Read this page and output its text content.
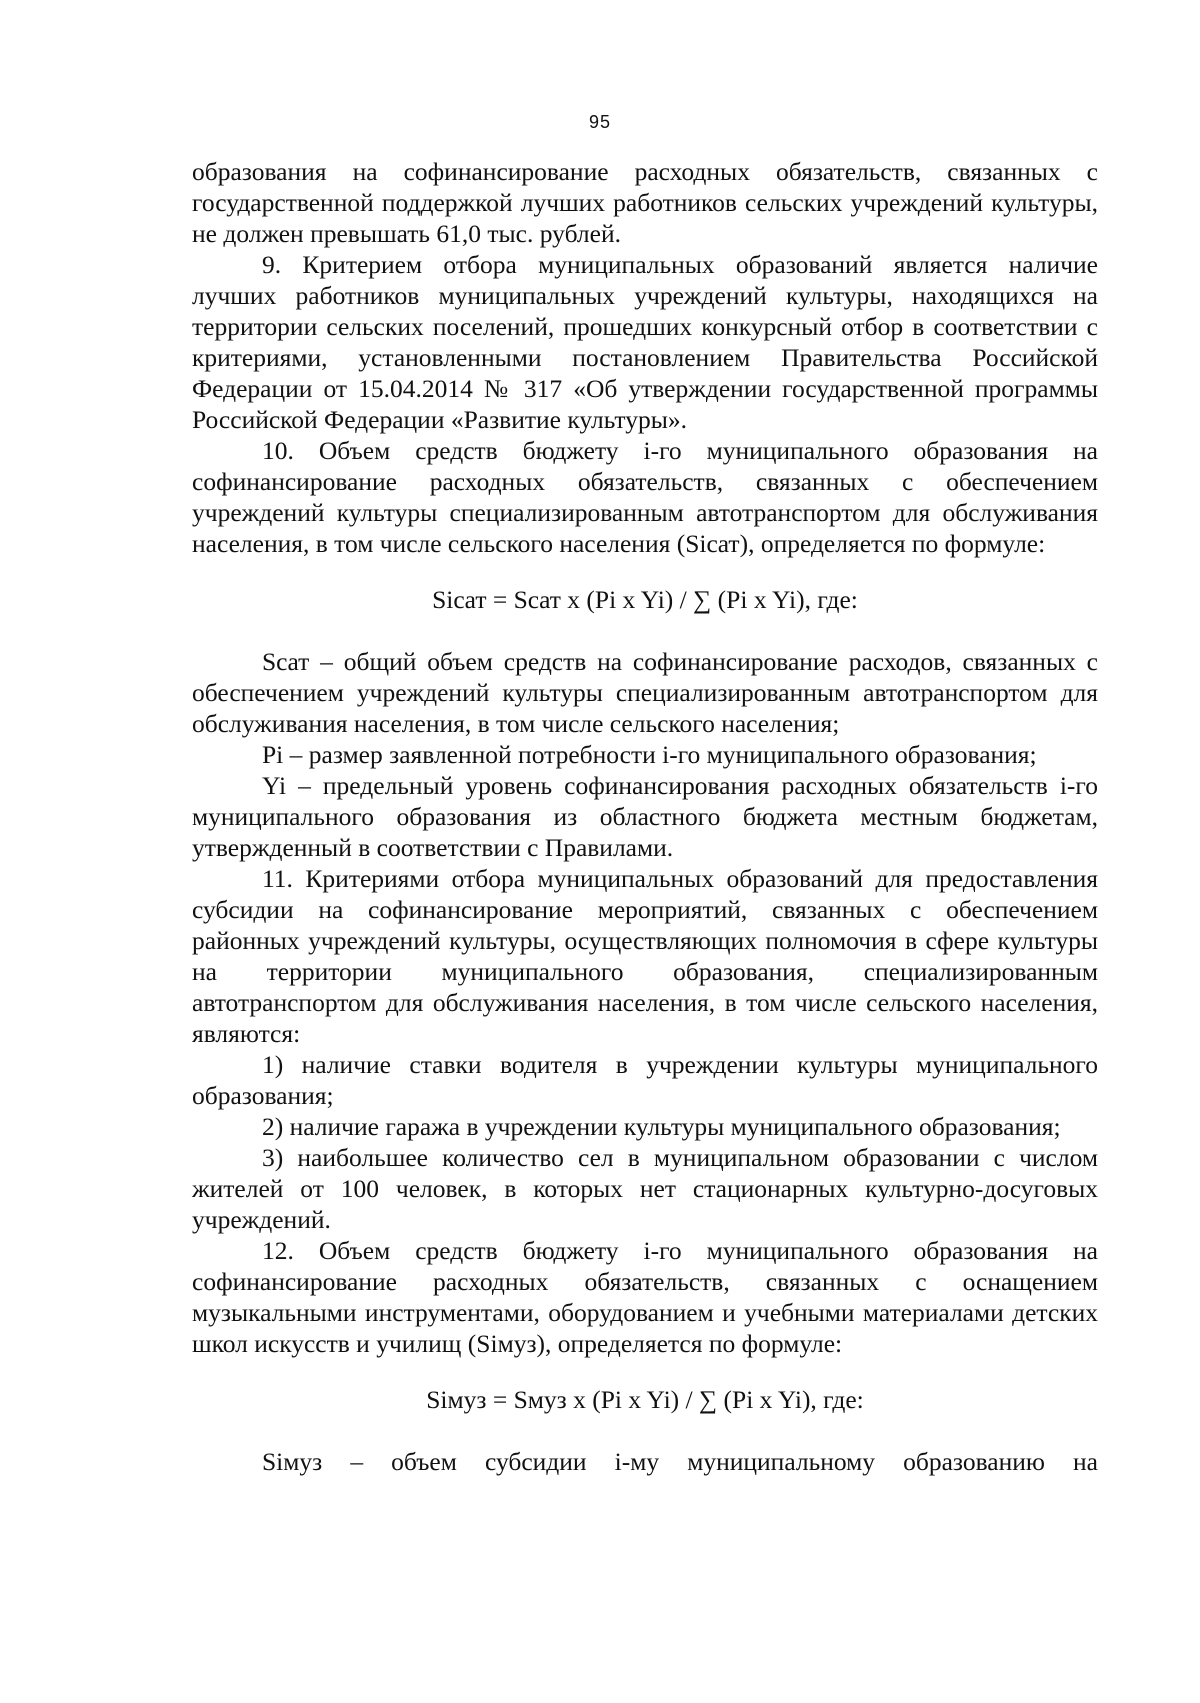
95

образования на софинансирование расходных обязательств, связанных с государственной поддержкой лучших работников сельских учреждений культуры, не должен превышать 61,0 тыс. рублей.

9. Критерием отбора муниципальных образований является наличие лучших работников муниципальных учреждений культуры, находящихся на территории сельских поселений, прошедших конкурсный отбор в соответствии с критериями, установленными постановлением Правительства Российской Федерации от 15.04.2014 № 317 «Об утверждении государственной программы Российской Федерации «Развитие культуры».

10. Объем средств бюджету i-го муниципального образования на софинансирование расходных обязательств, связанных с обеспечением учреждений культуры специализированным автотранспортом для обслуживания населения, в том числе сельского населения (Sicат), определяется по формуле:

Sicат = Scат x (Pi x Yi) / ∑ (Pi x Yi), где:

Scат – общий объем средств на софинансирование расходов, связанных с обеспечением учреждений культуры специализированным автотранспортом для обслуживания населения, в том числе сельского населения;

Pi – размер заявленной потребности i-го муниципального образования;

Yi – предельный уровень софинансирования расходных обязательств i-го муниципального образования из областного бюджета местным бюджетам, утвержденный в соответствии с Правилами.

11. Критериями отбора муниципальных образований для предоставления субсидии на софинансирование мероприятий, связанных с обеспечением районных учреждений культуры, осуществляющих полномочия в сфере культуры на территории муниципального образования, специализированным автотранспортом для обслуживания населения, в том числе сельского населения, являются:

1) наличие ставки водителя в учреждении культуры муниципального образования;

2) наличие гаража в учреждении культуры муниципального образования;

3) наибольшее количество сел в муниципальном образовании с числом жителей от 100 человек, в которых нет стационарных культурно-досуговых учреждений.

12. Объем средств бюджету i-го муниципального образования на софинансирование расходных обязательств, связанных с оснащением музыкальными инструментами, оборудованием и учебными материалами детских школ искусств и училищ (Siмуз), определяется по формуле:

Siмуз = Sмуз x (Pi x Yi) / ∑ (Pi x Yi), где:

Siмуз – объем субсидии i-му муниципальному образованию на
